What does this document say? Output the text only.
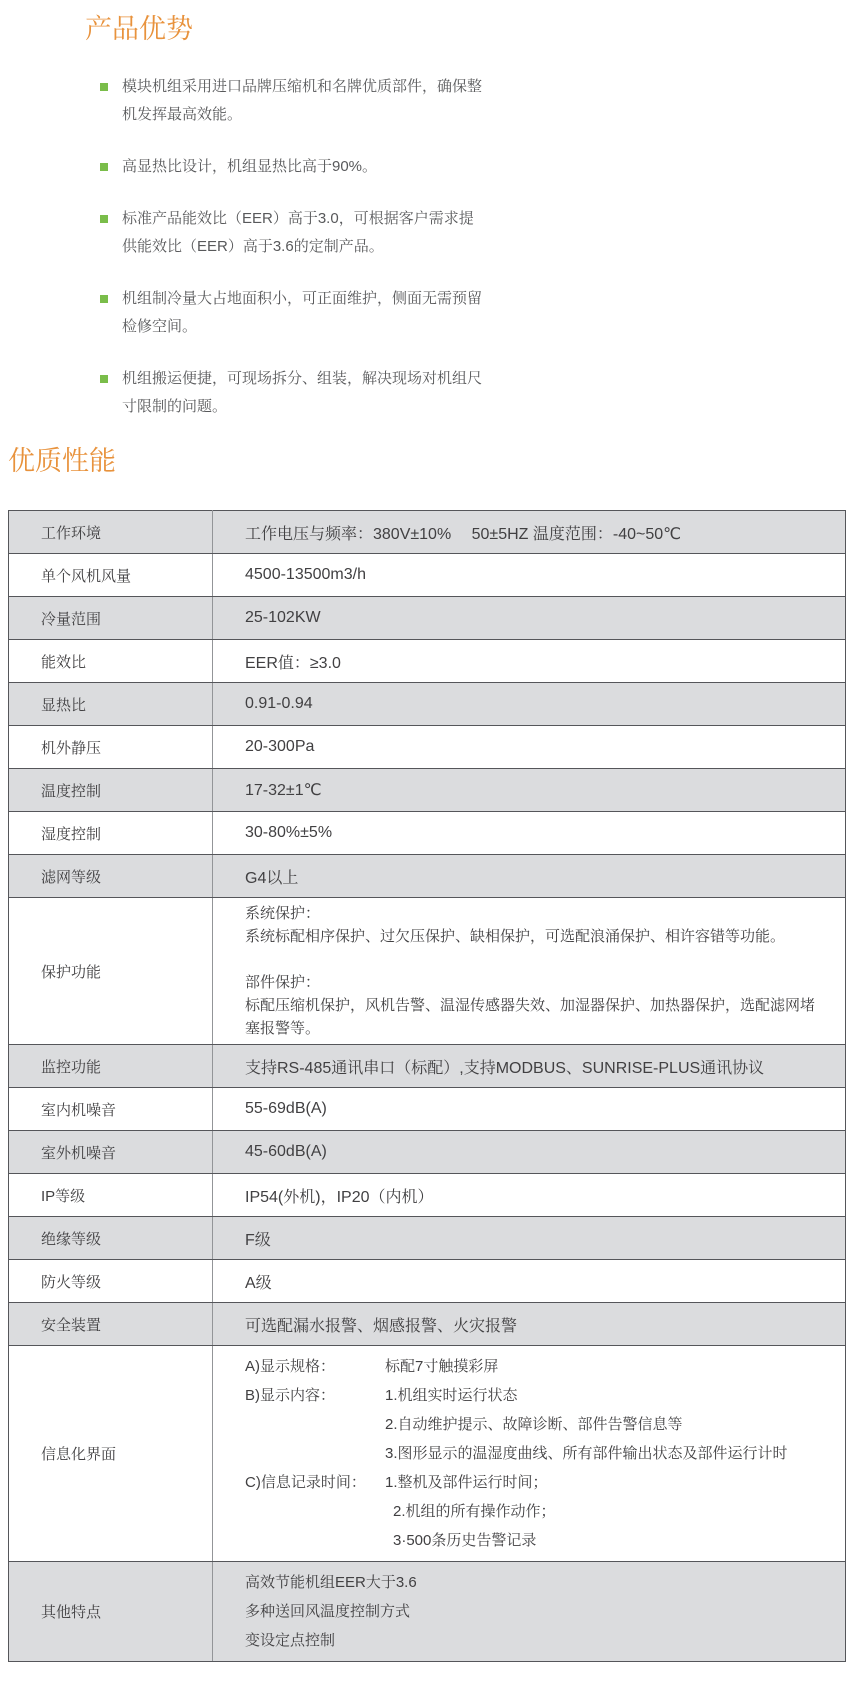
产品优势
模块机组采用进口品牌压缩机和名牌优质部件，确保整机发挥最高效能。
高显热比设计，机组显热比高于90%。
标准产品能效比（EER）高于3.0，可根据客户需求提供能效比（EER）高于3.6的定制产品。
机组制冷量大占地面积小，可正面维护，侧面无需预留检修空间。
机组搬运便捷，可现场拆分、组装，解决现场对机组尺寸限制的问题。
优质性能
工作环境	工作电压与频率：380V±10%　 50±5HZ 温度范围：-40~50℃
单个风机风量	4500-13500m3/h
冷量范围	25-102KW
能效比	EER值：≥3.0
显热比	0.91-0.94
机外静压	20-300Pa
温度控制	17-32±1℃
湿度控制	30-80%±5%
滤网等级	G4以上
保护功能	系统保护：
系统标配相序保护、过欠压保护、缺相保护，可选配浪涌保护、相许容错等功能。
部件保护：
标配压缩机保护，风机告警、温湿传感器失效、加湿器保护、加热器保护，选配滤网堵塞报警等。

监控功能	支持RS-485通讯串口（标配）,支持MODBUS、SUNRISE-PLUS通讯协议
室内机噪音	55-69dB(A)
室外机噪音	45-60dB(A)
IP等级	IP54(外机)，IP20（内机）
绝缘等级	F级
防火等级	A级
安全装置	可选配漏水报警、烟感报警、火灾报警
信息化界面	
A)显示规格：	标配7寸触摸彩屏
B)显示内容：	1.机组实时运行状态
2.自动维护提示、故障诊断、部件告警信息等
3.图形显示的温湿度曲线、所有部件输出状态及部件运行计时
C)信息记录时间：	1.整机及部件运行时间；
2.机组的所有操作动作；
3·500条历史告警记录

其他特点	高效节能机组EER大于3.6
多种送回风温度控制方式
变设定点控制
